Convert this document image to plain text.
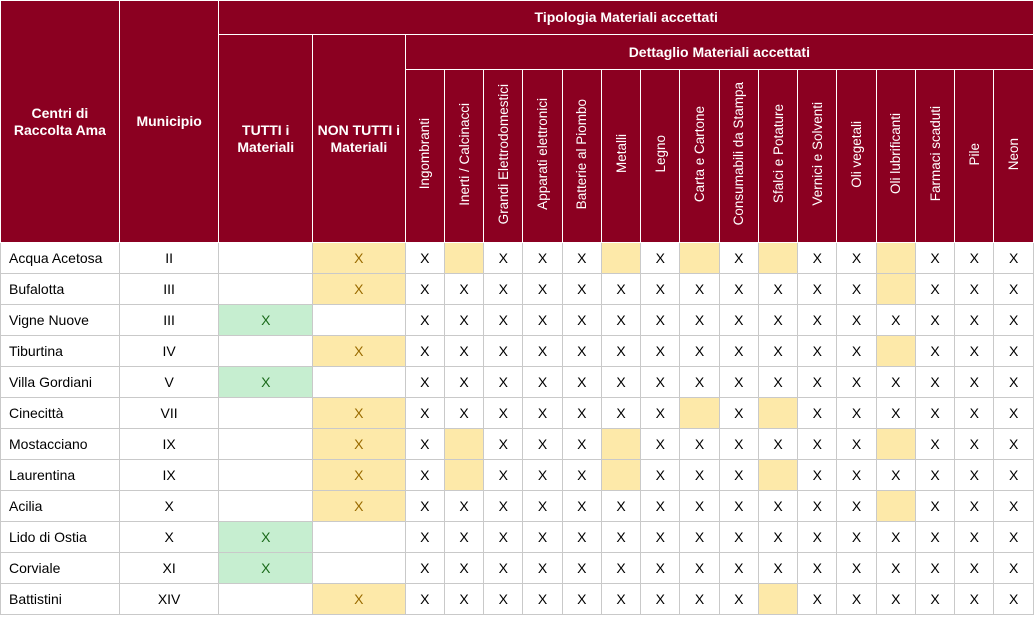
Centri di Raccolta Ama	Municipio	Tipologia Materiali accettati																	
		TUTTI i Materiali	NON TUTTI i Materiali	Dettaglio Materiali accettati															
				Ingombranti	Inerti / Calcinacci	Grandi Elettrodomestici	Apparati elettronici	Batterie al Piombo	Metalli	Legno	Carta e Cartone	Consumabili da Stampa	Sfalci e Potature	Vernici e Solventi	Oli vegetali	Oli lubrificanti	Farmaci scaduti	Pile	Neon
Acqua Acetosa	II		X	X		X	X	X		X		X		X	X		X	X	X
Bufalotta	III		X	X	X	X	X	X	X	X	X	X	X	X	X		X	X	X
Vigne Nuove	III	X		X	X	X	X	X	X	X	X	X	X	X	X	X	X	X	X
Tiburtina	IV		X	X	X	X	X	X	X	X	X	X	X	X	X		X	X	X
Villa Gordiani	V	X		X	X	X	X	X	X	X	X	X	X	X	X	X	X	X	X
Cinecittà	VII		X	X	X	X	X	X	X	X		X		X	X	X	X	X	X
Mostacciano	IX		X	X		X	X	X		X	X	X	X	X	X		X	X	X
Laurentina	IX		X	X		X	X	X		X	X	X		X	X	X	X	X	X
Acilia	X		X	X	X	X	X	X	X	X	X	X	X	X	X		X	X	X
Lido di Ostia	X	X		X	X	X	X	X	X	X	X	X	X	X	X	X	X	X	X
Corviale	XI	X		X	X	X	X	X	X	X	X	X	X	X	X	X	X	X	X
Battistini	XIV		X	X	X	X	X	X	X	X	X	X		X	X	X	X	X	X
